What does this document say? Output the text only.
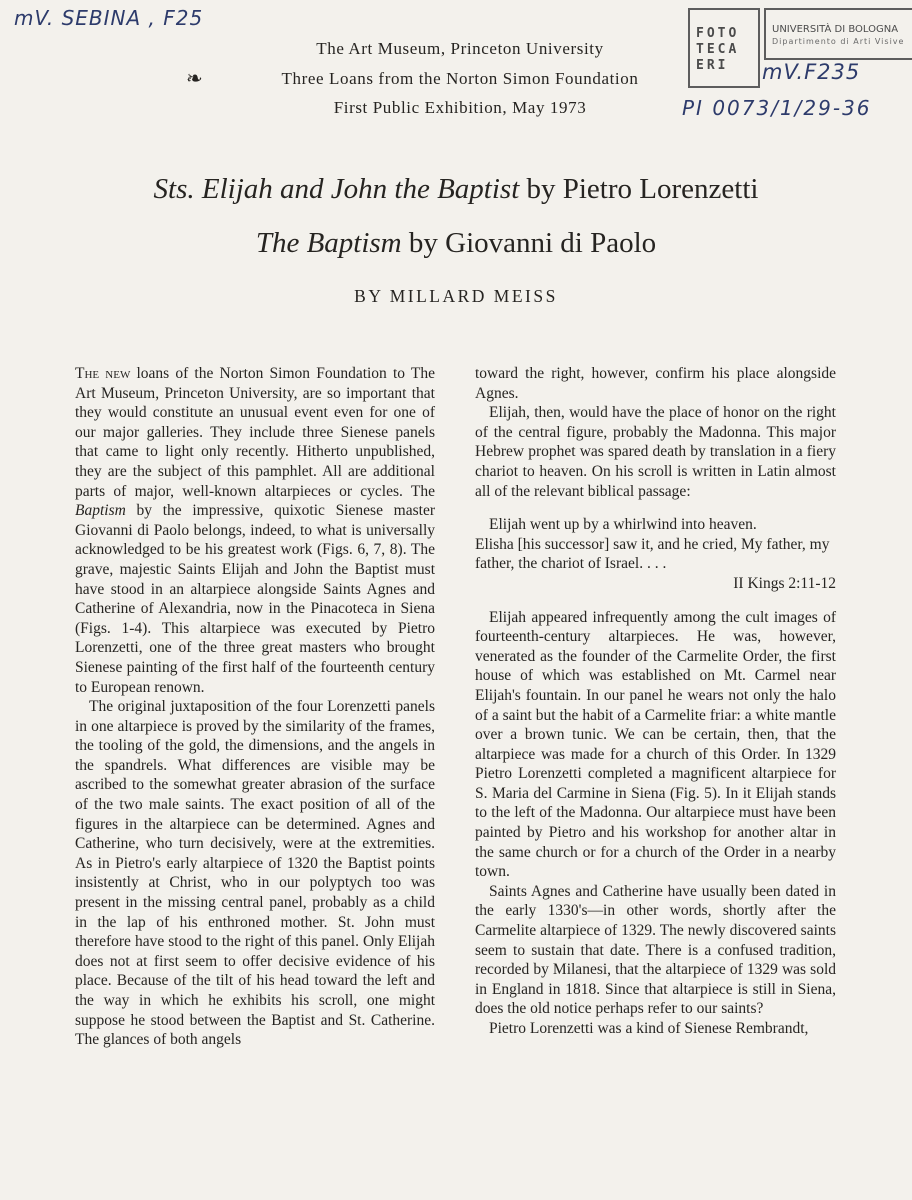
mV. SEBINA , F25
mV.F235
PI 0073/1/29-36
FOTO
TECA
ERI
UNIVERSITÀ DI BOLOGNA
Dipartimento di Arti Visive
❧
The Art Museum, Princeton University
Three Loans from the Norton Simon Foundation
First Public Exhibition, May 1973
Sts. Elijah and John the Baptist by Pietro Lorenzetti
The Baptism by Giovanni di Paolo
BY MILLARD MEISS

The new loans of the Norton Simon Foundation to The Art Museum, Princeton University, are so important that they would constitute an unusual event even for one of our major galleries. They include three Sienese panels that came to light only recently. Hitherto unpublished, they are the subject of this pamphlet. All are additional parts of major, well-known altarpieces or cycles. The Baptism by the impressive, quixotic Sienese master Giovanni di Paolo belongs, indeed, to what is universally acknowledged to be his greatest work (Figs. 6, 7, 8). The grave, majestic Saints Elijah and John the Baptist must have stood in an altarpiece alongside Saints Agnes and Catherine of Alexandria, now in the Pinacoteca in Siena (Figs. 1-4). This altarpiece was executed by Pietro Lorenzetti, one of the three great masters who brought Sienese painting of the first half of the fourteenth century to European renown.

The original juxtaposition of the four Lorenzetti panels in one altarpiece is proved by the similarity of the frames, the tooling of the gold, the dimensions, and the angels in the spandrels. What differences are visible may be ascribed to the somewhat greater abrasion of the surface of the two male saints. The exact position of all of the figures in the altarpiece can be determined. Agnes and Catherine, who turn decisively, were at the extremities. As in Pietro's early altarpiece of 1320 the Baptist points insistently at Christ, who in our polyptych too was present in the missing central panel, probably as a child in the lap of his enthroned mother. St. John must therefore have stood to the right of this panel. Only Elijah does not at first seem to offer decisive evidence of his place. Because of the tilt of his head toward the left and the way in which he exhibits his scroll, one might suppose he stood between the Baptist and St. Catherine. The glances of both angels

toward the right, however, confirm his place alongside Agnes.

Elijah, then, would have the place of honor on the right of the central figure, probably the Madonna. This major Hebrew prophet was spared death by translation in a fiery chariot to heaven. On his scroll is written in Latin almost all of the relevant biblical passage:

Elijah went up by a whirlwind into heaven.

Elisha [his successor] saw it, and he cried, My father, my father, the chariot of Israel. . . .

II Kings 2:11-12

Elijah appeared infrequently among the cult images of fourteenth-century altarpieces. He was, however, venerated as the founder of the Carmelite Order, the first house of which was established on Mt. Carmel near Elijah's fountain. In our panel he wears not only the halo of a saint but the habit of a Carmelite friar: a white mantle over a brown tunic. We can be certain, then, that the altarpiece was made for a church of this Order. In 1329 Pietro Lorenzetti completed a magnificent altarpiece for S. Maria del Carmine in Siena (Fig. 5). In it Elijah stands to the left of the Madonna. Our altarpiece must have been painted by Pietro and his workshop for another altar in the same church or for a church of the Order in a nearby town.

Saints Agnes and Catherine have usually been dated in the early 1330's—in other words, shortly after the Carmelite altarpiece of 1329. The newly discovered saints seem to sustain that date. There is a confused tradition, recorded by Milanesi, that the altarpiece of 1329 was sold in England in 1818. Since that altarpiece is still in Siena, does the old notice perhaps refer to our saints?

Pietro Lorenzetti was a kind of Sienese Rembrandt,
